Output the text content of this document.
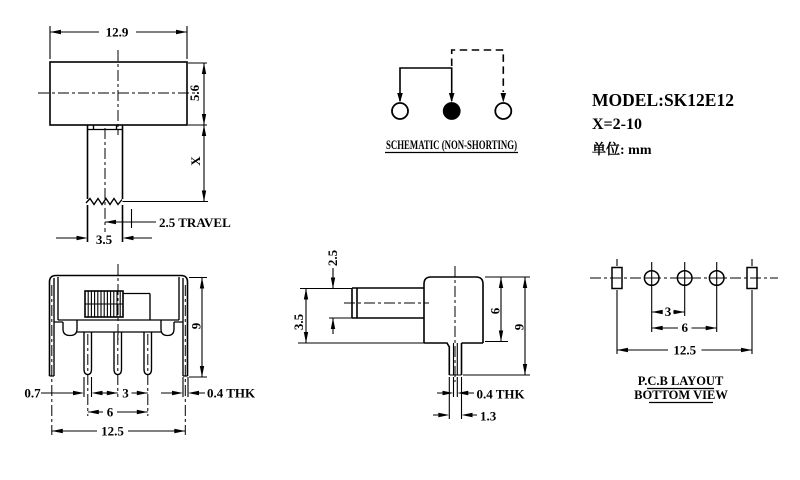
12.9
5.6
X
2.5 TRAVEL
3.5
SCHEMATIC (NON-SHORTING)
MODEL:SK12E12
X=2-10
单位: mm
0.7	3
6
12.5
9
0.4 THK
2.5
3.5
6
9
0.4 THK
1.3
3
6
12.5
P.C.B LAYOUT
BOTTOM VIEW
